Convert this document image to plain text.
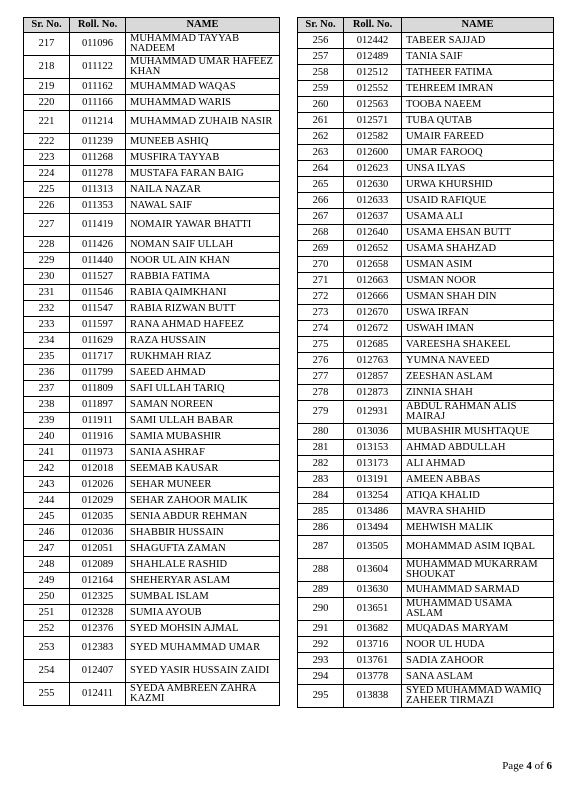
Sr. No.	Roll. No.	NAME
217	011096	MUHAMMAD TAYYAB NADEEM
218	011122	MUHAMMAD UMAR HAFEEZ KHAN
219	011162	MUHAMMAD WAQAS
220	011166	MUHAMMAD WARIS
221	011214	MUHAMMAD ZUHAIB NASIR
222	011239	MUNEEB ASHIQ
223	011268	MUSFIRA TAYYAB
224	011278	MUSTAFA FARAN BAIG
225	011313	NAILA NAZAR
226	011353	NAWAL SAIF
227	011419	NOMAIR YAWAR BHATTI
228	011426	NOMAN SAIF ULLAH
229	011440	NOOR UL AIN KHAN
230	011527	RABBIA FATIMA
231	011546	RABIA QAIMKHANI
232	011547	RABIA RIZWAN BUTT
233	011597	RANA AHMAD HAFEEZ
234	011629	RAZA HUSSAIN
235	011717	RUKHMAH RIAZ
236	011799	SAEED AHMAD
237	011809	SAFI ULLAH TARIQ
238	011897	SAMAN NOREEN
239	011911	SAMI ULLAH BABAR
240	011916	SAMIA MUBASHIR
241	011973	SANIA ASHRAF
242	012018	SEEMAB KAUSAR
243	012026	SEHAR MUNEER
244	012029	SEHAR ZAHOOR MALIK
245	012035	SENIA ABDUR REHMAN
246	012036	SHABBIR HUSSAIN
247	012051	SHAGUFTA ZAMAN
248	012089	SHAHLALE RASHID
249	012164	SHEHERYAR ASLAM
250	012325	SUMBAL ISLAM
251	012328	SUMIA AYOUB
252	012376	SYED MOHSIN AJMAL
253	012383	SYED MUHAMMAD UMAR
254	012407	SYED YASIR HUSSAIN ZAIDI
255	012411	SYEDA AMBREEN ZAHRA KAZMI
Sr. No.	Roll. No.	NAME
256	012442	TABEER SAJJAD
257	012489	TANIA SAIF
258	012512	TATHEER FATIMA
259	012552	TEHREEM IMRAN
260	012563	TOOBA NAEEM
261	012571	TUBA QUTAB
262	012582	UMAIR FAREED
263	012600	UMAR FAROOQ
264	012623	UNSA ILYAS
265	012630	URWA KHURSHID
266	012633	USAID RAFIQUE
267	012637	USAMA ALI
268	012640	USAMA EHSAN BUTT
269	012652	USAMA SHAHZAD
270	012658	USMAN ASIM
271	012663	USMAN NOOR
272	012666	USMAN SHAH DIN
273	012670	USWA IRFAN
274	012672	USWAH IMAN
275	012685	VAREESHA SHAKEEL
276	012763	YUMNA NAVEED
277	012857	ZEESHAN ASLAM
278	012873	ZINNIA SHAH
279	012931	ABDUL RAHMAN ALIS MAIRAJ
280	013036	MUBASHIR MUSHTAQUE
281	013153	AHMAD ABDULLAH
282	013173	ALI AHMAD
283	013191	AMEEN ABBAS
284	013254	ATIQA KHALID
285	013486	MAVRA SHAHID
286	013494	MEHWISH MALIK
287	013505	MOHAMMAD ASIM IQBAL
288	013604	MUHAMMAD MUKARRAM SHOUKAT
289	013630	MUHAMMAD SARMAD
290	013651	MUHAMMAD USAMA ASLAM
291	013682	MUQADAS MARYAM
292	013716	NOOR UL HUDA
293	013761	SADIA ZAHOOR
294	013778	SANA ASLAM
295	013838	SYED MUHAMMAD WAMIQ ZAHEER TIRMAZI
Page 4 of 6
